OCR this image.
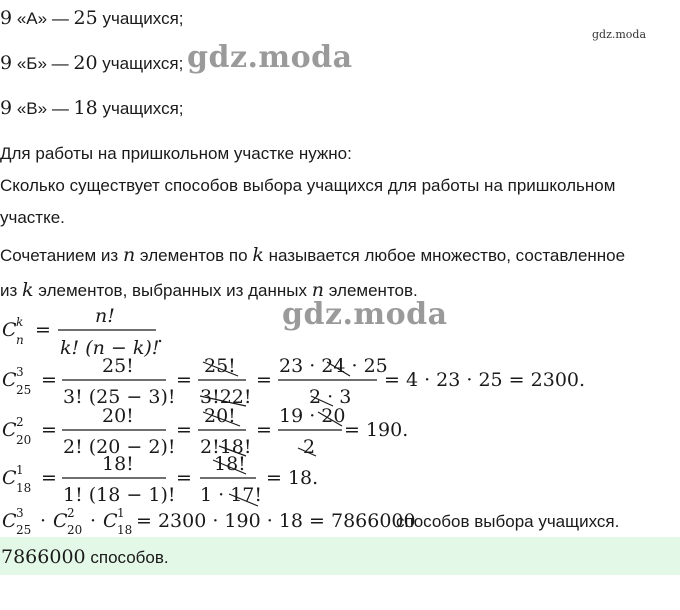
gdz.moda
gdz.moda
gdz.moda
9 «А» — 25 учащихся;
9 «Б» — 20 учащихся;
9 «В» — 18 учащихся;
Для работы на пришкольном участке нужно:
Сколько существует способов выбора учащихся для работы на пришкольном
участке.
Сочетанием из n элементов по k называется любое множество, составленное
из k элементов, выбранных из данных n элементов.
C k
n =
n!
k! (n − k)!
.
C 3
25 =
25!
3! (25 − 3)!
=
25!
3!22!
=
23 · 24 · 25
2 · 3
= 4 · 23 · 25 = 2300.
C 2
20 =
20!
2! (20 − 2)!
=
20!
2!18!
=
19 · 20
2
= 190.
C 1
18 =
18!
1! (18 − 1)!
=
18!
1 · 17!
= 18.
C 3
25 · C 2
20 · C 1
18 = 2300 · 190 · 18 = 7866000
способов выбора учащихся.
7866000 способов.
